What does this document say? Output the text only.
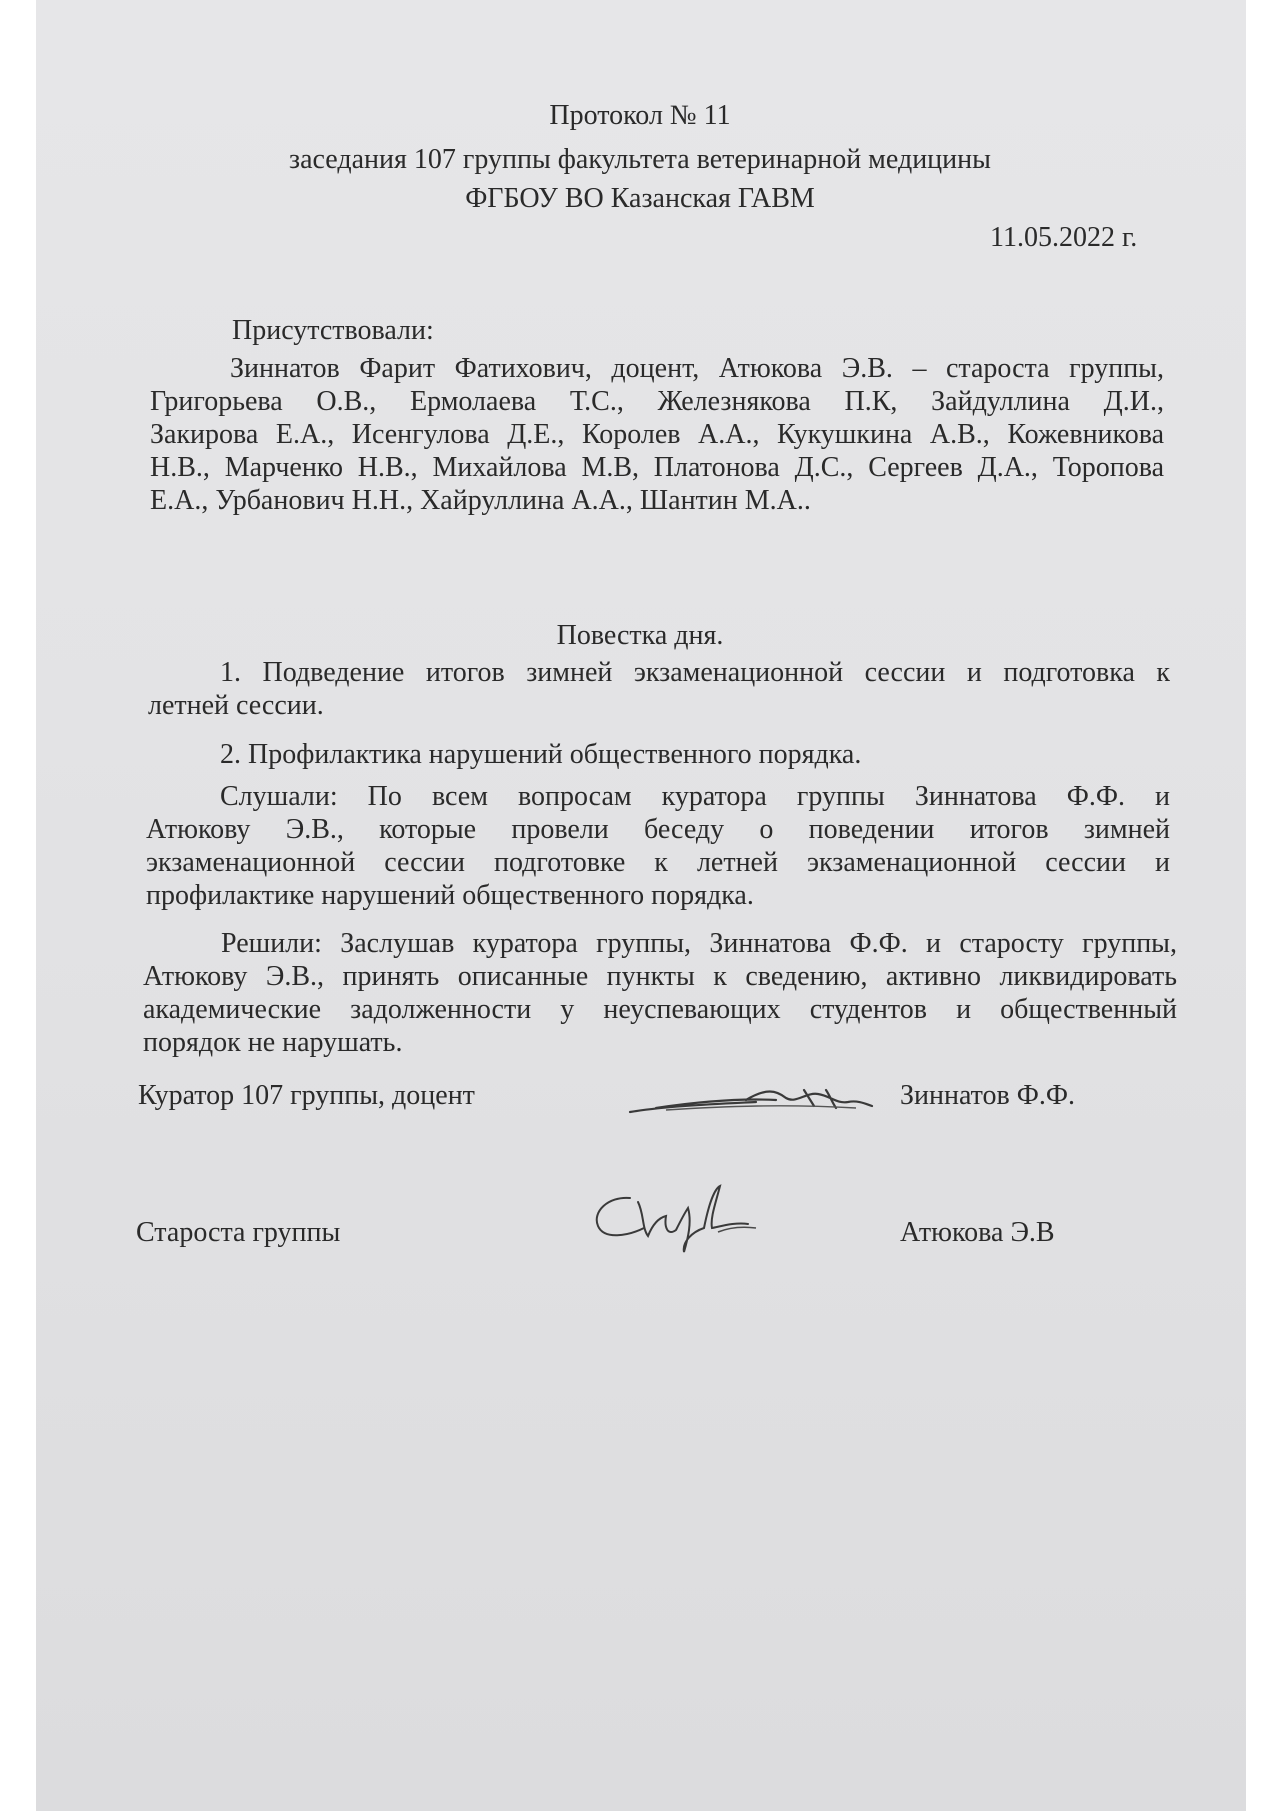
Протокол № 11
заседания 107 группы факультета ветеринарной медицины
ФГБОУ ВО Казанская ГАВМ
11.05.2022 г.
Присутствовали:
Зиннатов Фарит Фатихович, доцент, Атюкова Э.В. – староста группы,
Григорьева О.В., Ермолаева Т.С., Железнякова П.К, Зайдуллина Д.И.,
Закирова Е.А., Исенгулова Д.Е., Королев А.А., Кукушкина А.В., Кожевникова
Н.В., Марченко Н.В., Михайлова М.В, Платонова Д.С., Сергеев Д.А., Торопова
Е.А., Урбанович Н.Н., Хайруллина А.А., Шантин М.А..
Повестка дня.
1. Подведение итогов зимней экзаменационной сессии и подготовка к
летней сессии.
2. Профилактика нарушений общественного порядка.
Слушали: По всем вопросам куратора группы Зиннатова Ф.Ф. и
Атюкову Э.В., которые провели беседу о поведении итогов зимней
экзаменационной сессии подготовке к летней экзаменационной сессии и
профилактике нарушений общественного порядка.
Решили: Заслушав куратора группы, Зиннатова Ф.Ф. и старосту группы,
Атюкову Э.В., принять описанные пункты к сведению, активно ликвидировать
академические задолженности у неуспевающих студентов и общественный
порядок не нарушать.
Куратор 107 группы, доцент	Зиннатов Ф.Ф.
Староста группы	Атюкова Э.В
